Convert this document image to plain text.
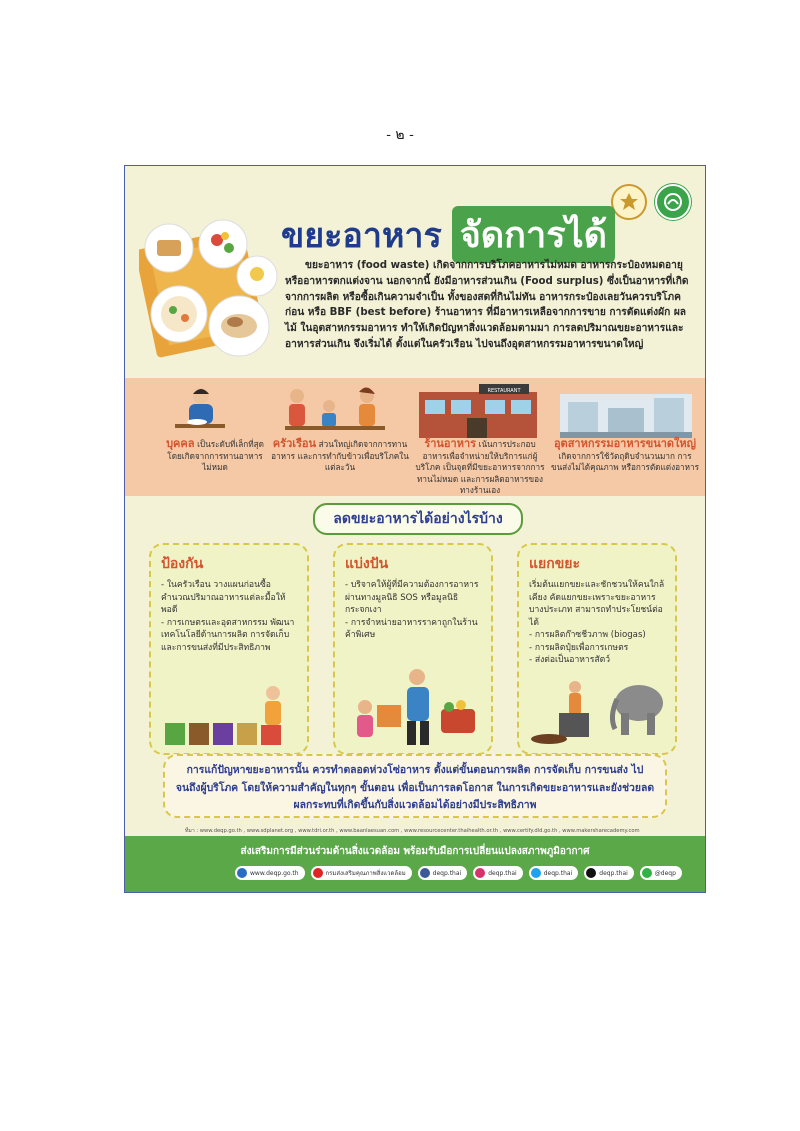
- ๒ -
ขยะอาหาร จัดการได้
ขยะอาหาร (food waste) เกิดจากการบริโภคอาหารไม่หมด อาหารกระป๋องหมดอายุหรืออาหารตกแต่งจาน นอกจากนี้ ยังมีอาหารส่วนเกิน (Food surplus) ซึ่งเป็นอาหารที่เกิดจากการผลิต หรือซื้อเกินความจำเป็น ทั้งของสดที่กินไม่ทัน อาหารกระป๋องเลยวันควรบริโภคก่อน หรือ BBF (best before) ร้านอาหาร ที่มีอาหารเหลือจากการขาย การตัดแต่งผัก ผลไม้ ในอุตสาหกรรมอาหาร ทำให้เกิดปัญหาสิ่งแวดล้อมตามมา การลดปริมาณขยะอาหารและอาหารส่วนเกิน จึงเริ่มได้ ตั้งแต่ในครัวเรือน ไปจนถึงอุตสาหกรรมอาหารขนาดใหญ่
บุคคล เป็นระดับที่เล็กที่สุด โดยเกิดจากการทานอาหารไม่หมด
ครัวเรือน ส่วนใหญ่เกิดจากการทานอาหาร และการทำกับข้าวเพื่อบริโภคในแต่ละวัน
RESTAURANT
ร้านอาหาร เน้นการประกอบอาหารเพื่อจำหน่ายให้บริการแก่ผู้บริโภค เป็นจุดที่มีขยะอาหารจากการทานไม่หมด และการผลิตอาหารของทางร้านเอง
อุตสาหกรรมอาหารขนาดใหญ่ เกิดจากการใช้วัตถุดิบจำนวนมาก การขนส่งไม่ได้คุณภาพ หรือการตัดแต่งอาหาร
ลดขยะอาหารได้อย่างไรบ้าง
ป้องกัน
- ในครัวเรือน วางแผนก่อนซื้อ คำนวณปริมาณอาหารแต่ละมื้อให้พอดี
- การเกษตรและอุตสาหกรรม พัฒนาเทคโนโลยีด้านการผลิต การจัดเก็บ และการขนส่งที่มีประสิทธิภาพ
แบ่งปัน
- บริจาคให้ผู้ที่มีความต้องการอาหาร ผ่านทางมูลนิธิ SOS หรือมูลนิธิกระจกเงา
- การจำหน่ายอาหารราคาถูกในร้านค้าพิเศษ
แยกขยะ
เริ่มต้นแยกขยะและชักชวนให้คนใกล้เคียง คัดแยกขยะเพราะขยะอาหารบางประเภท สามารถทำประโยชน์ต่อได้
- การผลิตก๊าซชีวภาพ (biogas)
- การผลิตปุ๋ยเพื่อการเกษตร
- ส่งต่อเป็นอาหารสัตว์
การแก้ปัญหาขยะอาหารนั้น ควรทำตลอดห่วงโซ่อาหาร ตั้งแต่ขั้นตอนการผลิต การจัดเก็บ การขนส่ง ไปจนถึงผู้บริโภค โดยให้ความสำคัญในทุกๆ ขั้นตอน เพื่อเป็นการลดโอกาส ในการเกิดขยะอาหารและยังช่วยลดผลกระทบที่เกิดขึ้นกับสิ่งแวดล้อมได้อย่างมีประสิทธิภาพ
ที่มา : www.deqp.go.th , www.sdplanet.org , www.tdri.or.th , www.baanlaesuan.com , www.resourcecenter.thaihealth.or.th , www.certify.dld.go.th , www.makersharecademy.com
ส่งเสริมการมีส่วนร่วมด้านสิ่งแวดล้อม พร้อมรับมือการเปลี่ยนแปลงสภาพภูมิอากาศ
www.deqp.go.th	กรมส่งเสริมคุณภาพสิ่งแวดล้อม	deqp.thai	deqp.thai	deqp.thai	deqp.thai	@deqp
